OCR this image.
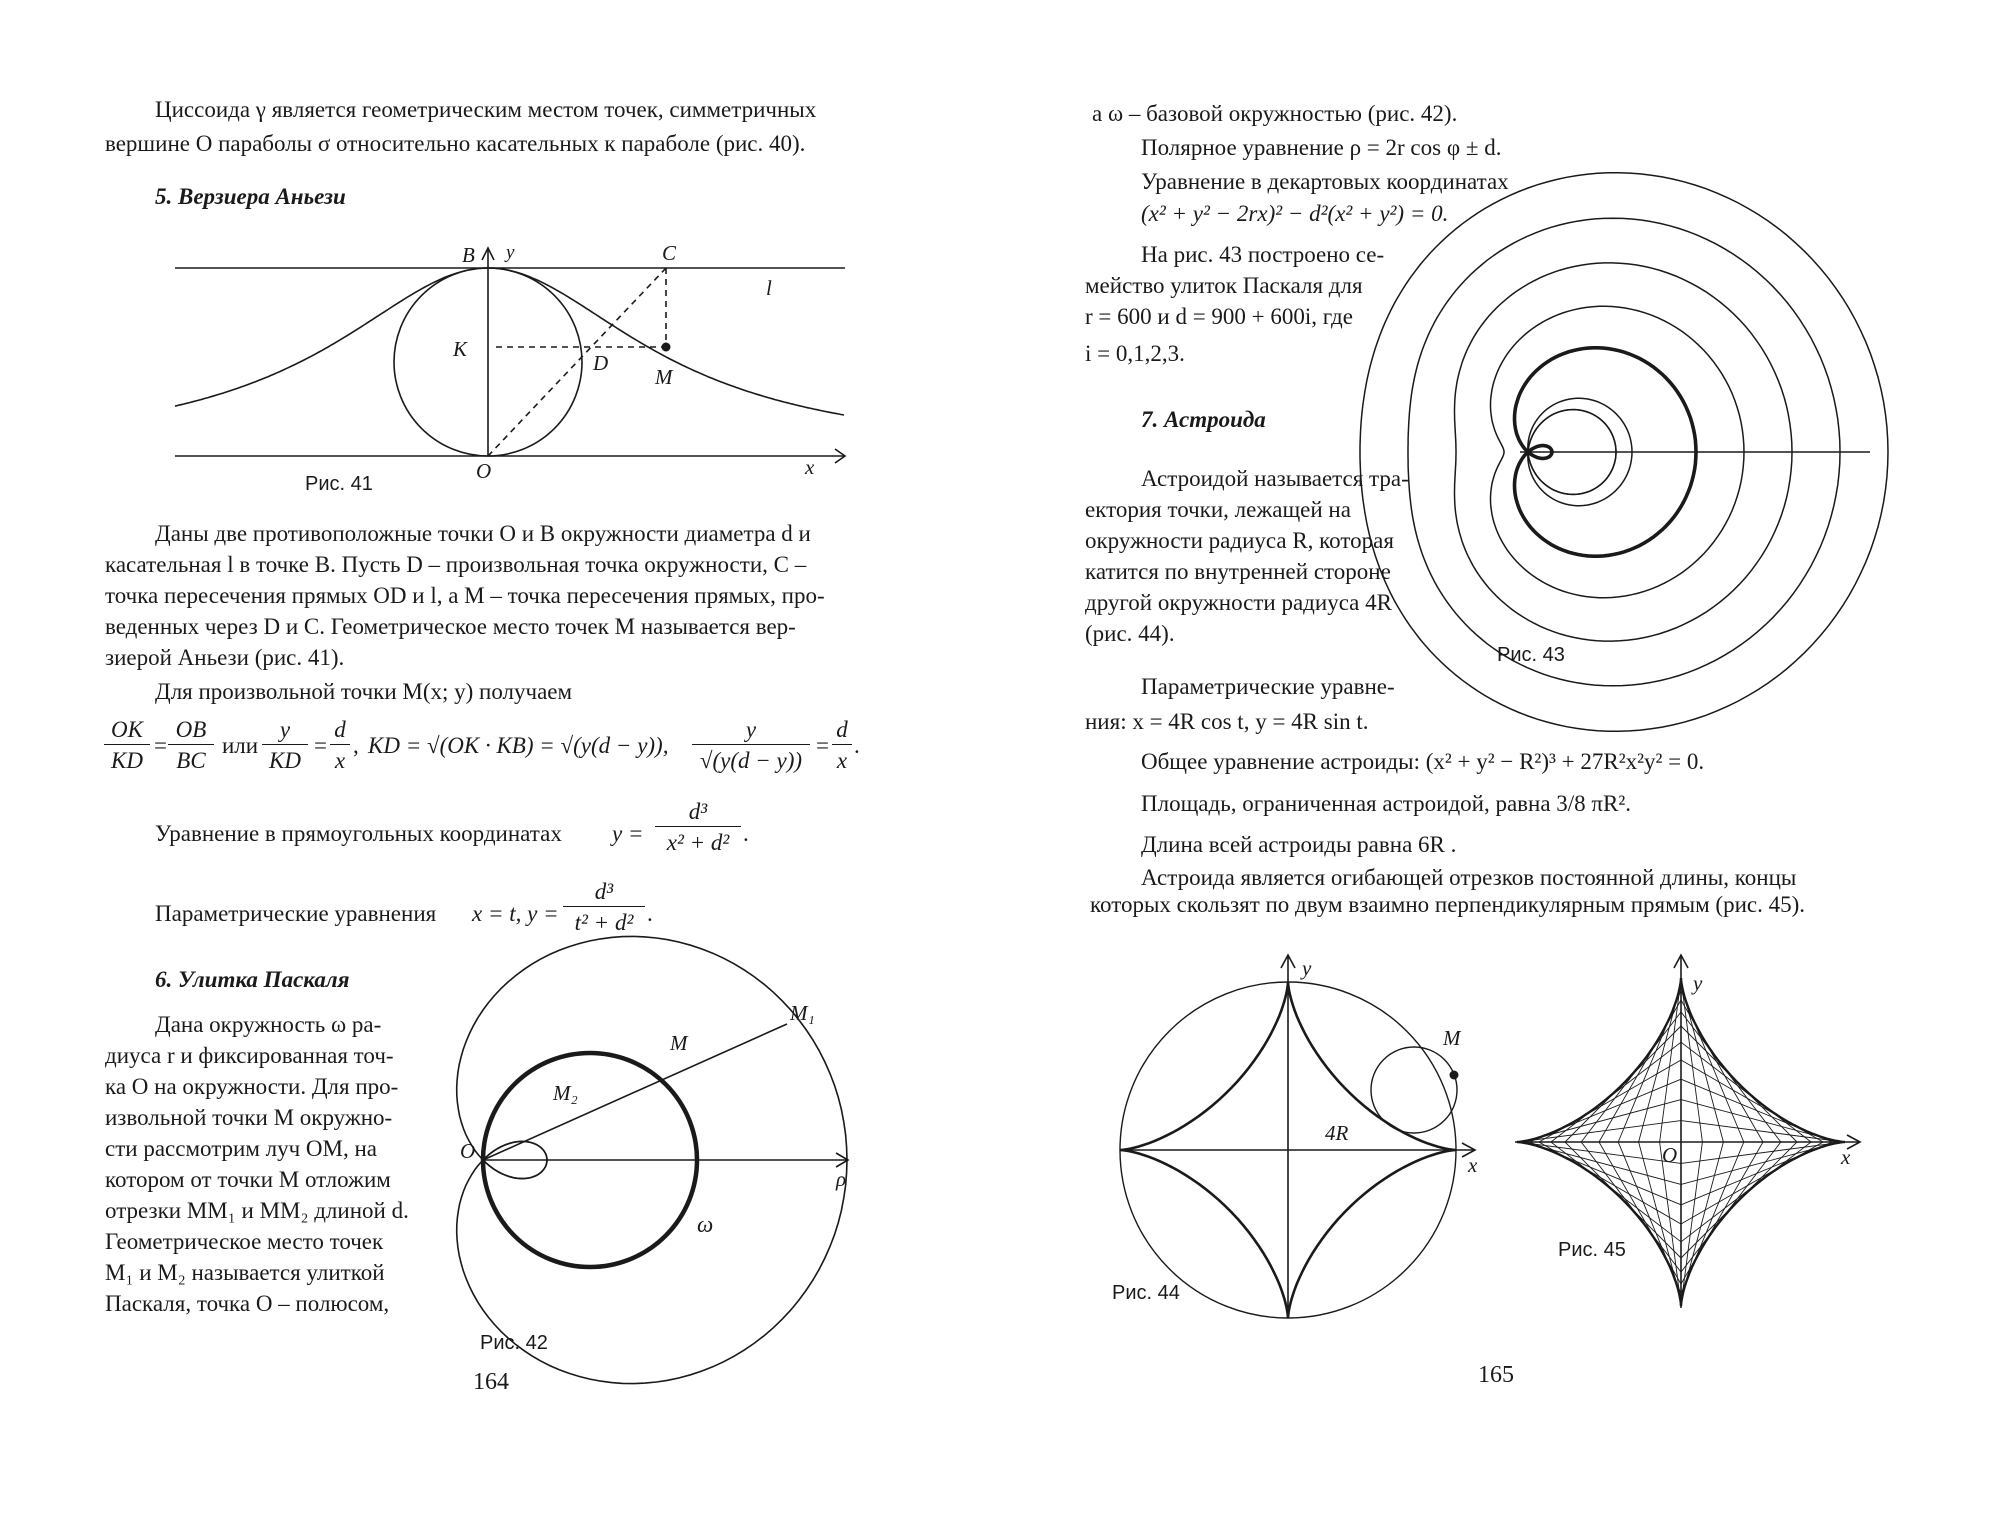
Циссоида γ является геометрическим местом точек, симметричных
вершине O параболы σ относительно касательных к параболе (рис. 40).
5. Верзиера Аньези
B y	C
l
K
D
M
O	x
Рис. 41
Даны две противоположные точки O и B окружности диаметра d и
касательная l в точке B. Пусть D – произвольная точка окружности, C –
точка пересечения прямых OD и l, а M – точка пересечения прямых, про-
веденных через D и C. Геометрическое место точек M называется вер-
зиерой Аньези (рис. 41).
Для произвольной точки M(x; y) получаем
$\frac{OK}{KD} = \frac{OB}{BC}$ или $\frac{y}{KD} = \frac{d}{x}$ , KD = √(OK · KB) = √(y(d − y)), $\frac{y}{√(y(d - y))} = \frac{d}{x}$ .
Уравнение в прямоугольных координатах $y = \frac{\text{d³}}{\text{x² + d²}}$ .
Параметрические уравнения x = t, $y = \frac{\text{d³}}{\text{t² + d²}}$ .
6. Улитка Паскаля
Дана окружность ω ра-
диуса r и фиксированная точ-
ка O на окружности. Для про-
извольной точки M окружно-
сти рассмотрим луч OM, на
котором от точки M отложим
отрезки MM₁ и MM₂ длиной d.
Геометрическое место точек
M₁ и M₂ называется улиткой
Паскаля, точка O – полюсом,
M₁
M
M₂
O
ρ
ω
Рис. 42
164
а ω – базовой окружностью (рис. 42).
Полярное уравнение ρ = 2r cos φ ± d.
Уравнение в декартовых координатах
(x² + y² − 2rx)² − d²(x² + y²) = 0.
На рис. 43 построено се-
мейство улиток Паскаля для
r = 600 и d = 900 + 600i, где
i = 0,1,2,3.
Рис. 43
7. Астроида
Астроидой называется тра-
ектория точки, лежащей на
окружности радиуса R, которая
катится по внутренней стороне
другой окружности радиуса 4R
(рис. 44).
Параметрические уравне-
ния: x = 4R cos t, y = 4R sin t.
Общее уравнение астроиды: (x² + y² − R²)³ + 27R²x²y² = 0.
Площадь, ограниченная астроидой, равна 3/8 πR².
Длина всей астроиды равна 6R .
Астроида является огибающей отрезков постоянной длины, концы
которых скользят по двум взаимно перпендикулярным прямым (рис. 45).
y
M
4R
x
Рис. 44
y
O	x
Рис. 45
165
